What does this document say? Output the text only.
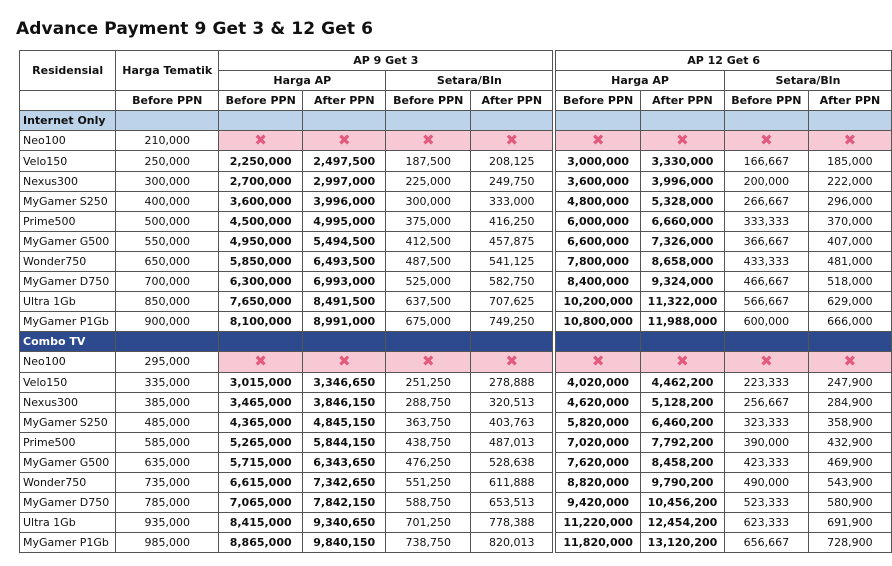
Advance Payment 9 Get 3 & 12 Get 6
Residensial	Harga Tematik	AP 9 Get 3					AP 12 Get 6			
		Harga AP		Setara/Bln			Harga AP		Setara/Bln	
	Before PPN	Before PPN	After PPN	Before PPN	After PPN		Before PPN	After PPN	Before PPN	After PPN
Internet Only										
Neo100	210,000	✖	✖	✖	✖		✖	✖	✖	✖
Velo150	250,000	2,250,000	2,497,500	187,500	208,125		3,000,000	3,330,000	166,667	185,000
Nexus300	300,000	2,700,000	2,997,000	225,000	249,750		3,600,000	3,996,000	200,000	222,000
MyGamer S250	400,000	3,600,000	3,996,000	300,000	333,000		4,800,000	5,328,000	266,667	296,000
Prime500	500,000	4,500,000	4,995,000	375,000	416,250		6,000,000	6,660,000	333,333	370,000
MyGamer G500	550,000	4,950,000	5,494,500	412,500	457,875		6,600,000	7,326,000	366,667	407,000
Wonder750	650,000	5,850,000	6,493,500	487,500	541,125		7,800,000	8,658,000	433,333	481,000
MyGamer D750	700,000	6,300,000	6,993,000	525,000	582,750		8,400,000	9,324,000	466,667	518,000
Ultra 1Gb	850,000	7,650,000	8,491,500	637,500	707,625		10,200,000	11,322,000	566,667	629,000
MyGamer P1Gb	900,000	8,100,000	8,991,000	675,000	749,250		10,800,000	11,988,000	600,000	666,000
Combo TV										
Neo100	295,000	✖	✖	✖	✖		✖	✖	✖	✖
Velo150	335,000	3,015,000	3,346,650	251,250	278,888		4,020,000	4,462,200	223,333	247,900
Nexus300	385,000	3,465,000	3,846,150	288,750	320,513		4,620,000	5,128,200	256,667	284,900
MyGamer S250	485,000	4,365,000	4,845,150	363,750	403,763		5,820,000	6,460,200	323,333	358,900
Prime500	585,000	5,265,000	5,844,150	438,750	487,013		7,020,000	7,792,200	390,000	432,900
MyGamer G500	635,000	5,715,000	6,343,650	476,250	528,638		7,620,000	8,458,200	423,333	469,900
Wonder750	735,000	6,615,000	7,342,650	551,250	611,888		8,820,000	9,790,200	490,000	543,900
MyGamer D750	785,000	7,065,000	7,842,150	588,750	653,513		9,420,000	10,456,200	523,333	580,900
Ultra 1Gb	935,000	8,415,000	9,340,650	701,250	778,388		11,220,000	12,454,200	623,333	691,900
MyGamer P1Gb	985,000	8,865,000	9,840,150	738,750	820,013		11,820,000	13,120,200	656,667	728,900
